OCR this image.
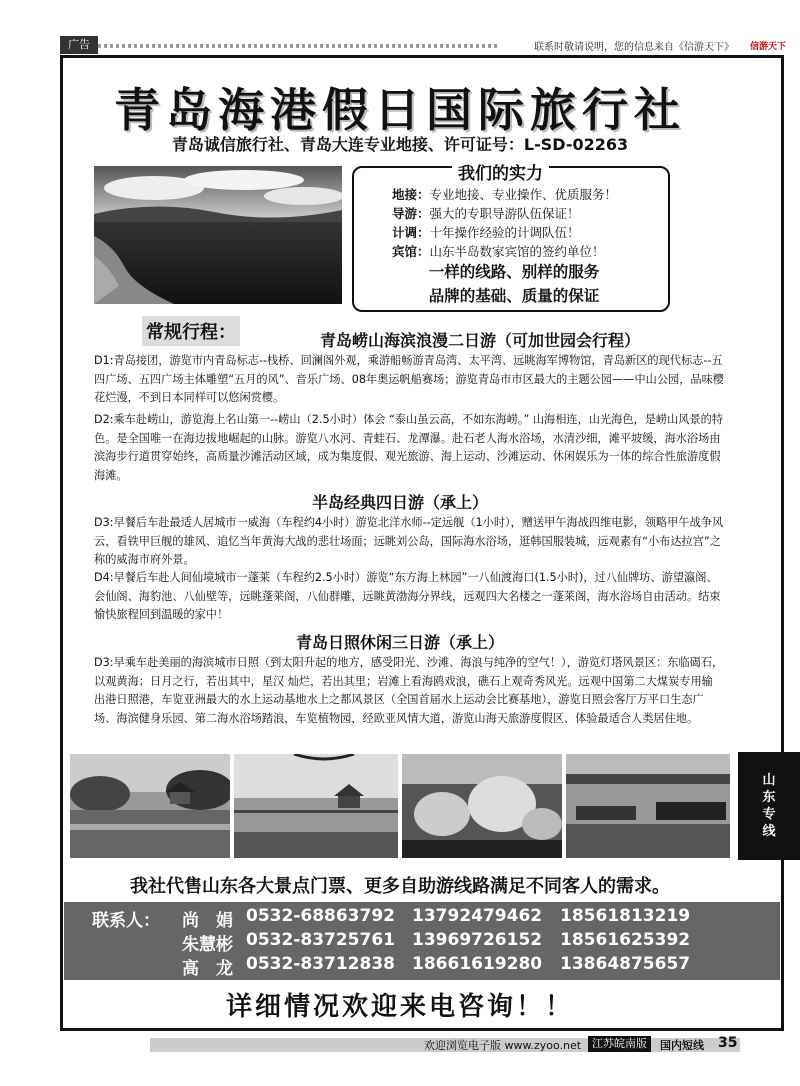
广告	联系时敬请说明，您的信息来自《信游天下》 信游天下
青岛海港假日国际旅行社
青岛诚信旅行社、青岛大连专业地接、许可证号：L-SD-02263
我们的实力
地接：专业地接、专业操作、优质服务！
导游：强大的专职导游队伍保证！
计调：十年操作经验的计调队伍！
宾馆：山东半岛数家宾馆的签约单位！
一样的线路、别样的服务
品牌的基础、质量的保证
常规行程：	青岛崂山海滨浪漫二日游（可加世园会行程）
D1:青岛接团，游览市内青岛标志--栈桥、回澜阁外观，乘游船畅游青岛湾、太平湾、远眺海军博物馆，青岛新区的现代标志--五四广场、五四广场主体雕塑“五月的风”、音乐广场、08年奥运帆船赛场；游览青岛市市区最大的主题公园——中山公园，品味樱花烂漫，不到日本同样可以悠闲赏樱。
D2:乘车赴崂山，游览海上名山第一--崂山（2.5小时）体会 “泰山虽云高，不如东海崂。” 山海相连，山光海色，是崂山风景的特色。是全国唯一在海边拔地崛起的山脉。游览八水河、青蛙石、龙潭瀑。赴石老人海水浴场，水清沙细，滩平坡缓，海水浴场由滨海步行道贯穿始终，高质量沙滩活动区域，成为集度假、观光旅游、海上运动、沙滩运动、休闲娱乐为一体的综合性旅游度假海滩。
半岛经典四日游（承上）
D3:早餐后车赴最适人居城市一威海（车程约4小时）游览北洋水师--定远舰（1小时），赠送甲午海战四维电影，领略甲午战争风云，看铁甲巨舰的雄风、追忆当年黄海大战的悲壮场面；远眺刘公岛，国际海水浴场，逛韩国服装城，远观素有“小布达拉宫”之称的威海市府外景。
D4:早餐后车赴人间仙境城市一蓬莱（车程约2.5小时）游览“东方海上林园”一八仙渡海口(1.5小时)，过八仙牌坊、游望瀛阁、会仙阁、海豹池、八仙壁等，远眺蓬莱阁，八仙群雕，远眺黄渤海分界线，远观四大名楼之一蓬莱阁，海水浴场自由活动。结束愉快旅程回到温暖的家中！
青岛日照休闲三日游（承上）
D3:早乘车赴美丽的海滨城市日照（到太阳升起的地方，感受阳光、沙滩、海浪与纯净的空气！），游览灯塔风景区：东临碣石，以观黄海；日月之行，若出其中，星汉 灿烂，若出其里；岩滩上看海鸥戏浪，礁石上观奇秀风光。远观中国第二大煤炭专用输出港日照港，车览亚洲最大的水上运动基地水上之都风景区（全国首届水上运动会比赛基地），游览日照会客厅万平口生态广场、海滨健身乐园、第二海水浴场踏浪，车览植物园，经欧亚风情大道，游览山海天旅游度假区、体验最适合人类居住地。
山
东
专
线
我社代售山东各大景点门票、更多自助游线路满足不同客人的需求。
联系人： 尚　娟 0532-68863792 13792479462 18561813219
朱慧彬 0532-83725761 13969726152 18561625392
高　龙 0532-83712838 18661619280 13864875657
详细情况欢迎来电咨询！！
欢迎浏览电子版 www.zyoo.net 江苏皖南版	国内短线 35
